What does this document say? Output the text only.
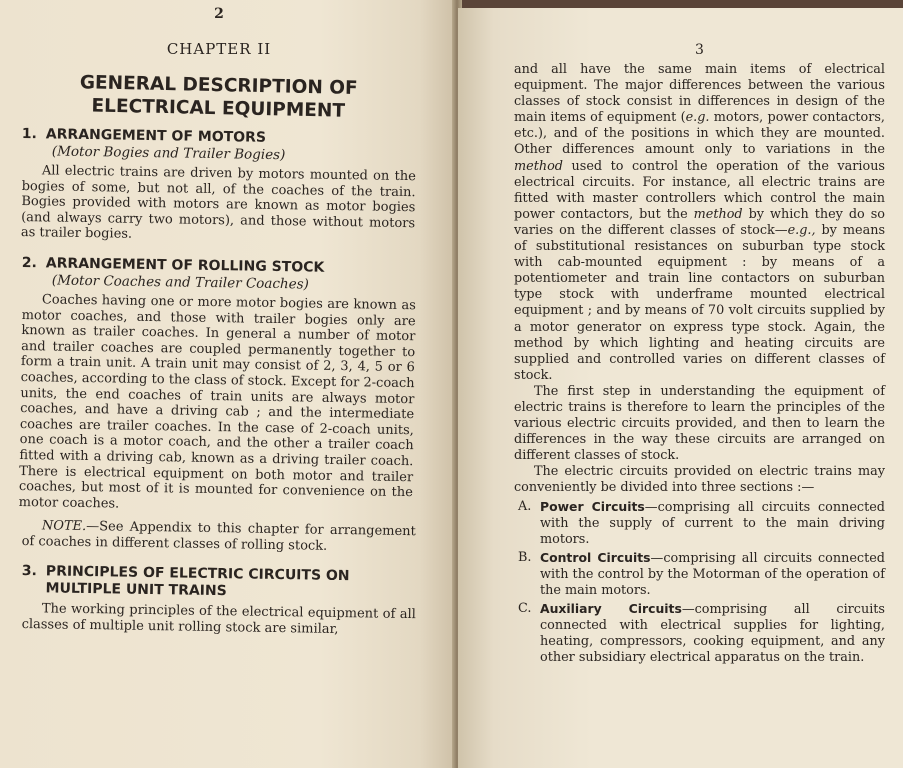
2
CHAPTER II
GENERAL DESCRIPTION OF
ELECTRICAL EQUIPMENT
1. ARRANGEMENT OF MOTORS
(Motor Bogies and Trailer Bogies)

All electric trains are driven by motors mounted on the bogies of some, but not all, of the coaches of the train. Bogies provided with motors are known as motor bogies (and always carry two motors), and those without motors as trailer bogies.

2. ARRANGEMENT OF ROLLING STOCK
(Motor Coaches and Trailer Coaches)

Coaches having one or more motor bogies are known as motor coaches, and those with trailer bogies only are known as trailer coaches. In general a number of motor and trailer coaches are coupled permanently together to form a train unit. A train unit may consist of 2, 3, 4, 5 or 6 coaches, according to the class of stock. Except for 2-coach units, the end coaches of train units are always motor coaches, and have a driving cab ; and the intermediate coaches are trailer coaches. In the case of 2-coach units, one coach is a motor coach, and the other a trailer coach fitted with a driving cab, known as a driving trailer coach. There is electrical equipment on both motor and trailer coaches, but most of it is mounted for convenience on the motor coaches.

NOTE.—See Appendix to this chapter for arrangement of coaches in different classes of rolling stock.

3. PRINCIPLES OF ELECTRIC CIRCUITS ON MULTIPLE UNIT TRAINS

The working principles of the electrical equipment of all classes of multiple unit rolling stock are similar,

3

and all have the same main items of electrical equipment. The major differences between the various classes of stock consist in differences in design of the main items of equipment (e.g. motors, power contactors, etc.), and of the positions in which they are mounted. Other differences amount only to variations in the method used to control the operation of the various electrical circuits. For instance, all electric trains are fitted with master controllers which control the main power contactors, but the method by which they do so varies on the different classes of stock—e.g., by means of substitutional resistances on suburban type stock with cab-mounted equipment : by means of a potentiometer and train line contactors on suburban type stock with underframe mounted electrical equipment ; and by means of 70 volt circuits supplied by a motor generator on express type stock. Again, the method by which lighting and heating circuits are supplied and controlled varies on different classes of stock.

The first step in understanding the equipment of electric trains is therefore to learn the principles of the various electric circuits provided, and then to learn the differences in the way these circuits are arranged on different classes of stock.

The electric circuits provided on electric trains may conveniently be divided into three sections :—

A. Power Circuits—comprising all circuits connected with the supply of current to the main driving motors.
B. Control Circuits—comprising all circuits connected with the control by the Motorman of the operation of the main motors.
C. Auxiliary Circuits—comprising all circuits connected with electrical supplies for lighting, heating, compressors, cooking equipment, and any other subsidiary electrical apparatus on the train.
